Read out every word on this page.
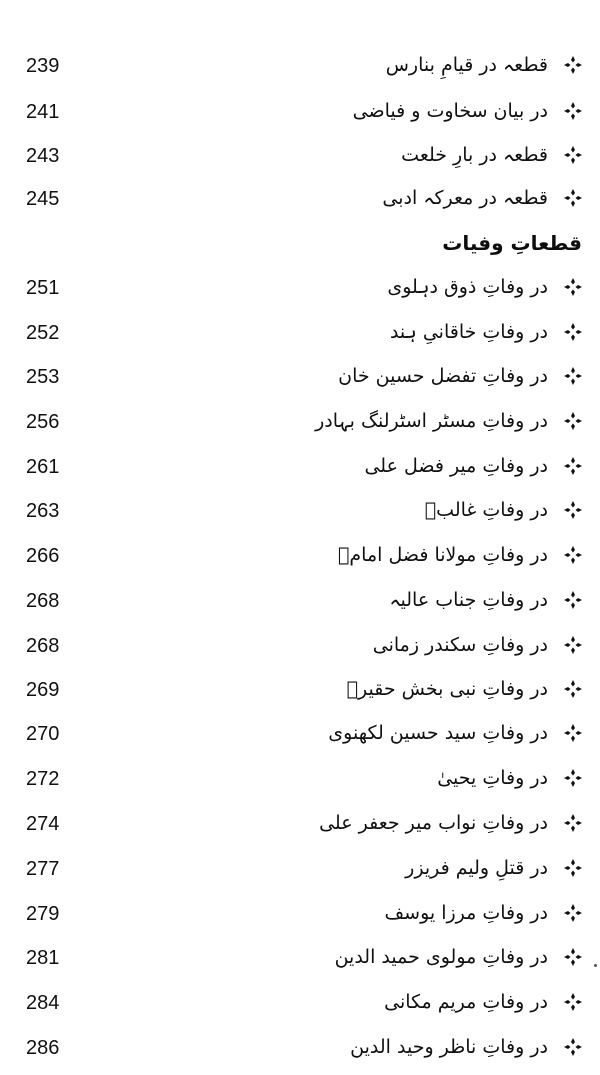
239	قطعہ در قیامِ بنارس
241	در بیان سخاوت و فیاضی
243	قطعہ در بارِ خلعت
245	قطعہ در معرکہ ادبی
قطعاتِ وفیات
251	در وفاتِ ذوق دہلوی
252	در وفاتِ خاقانیِ ہند
253	در وفاتِ تفضل حسین خان
256	در وفاتِ مسٹر اسٹرلنگ بہادر
261	در وفاتِ میر فضل علی
263	در وفاتِ غالبؔ
266	در وفاتِ مولانا فضل امامؒ
268	در وفاتِ جناب عالیہ
268	در وفاتِ سکندر زمانی
269	در وفاتِ نبی بخش حقیرؔ
270	در وفاتِ سید حسین لکھنوی
272	در وفاتِ یحییٰ
274	در وفاتِ نواب میر جعفر علی
277	در قتلِ ولیم فریزر
279	در وفاتِ مرزا یوسف
281	در وفاتِ مولوی حمید الدین
284	در وفاتِ مریم مکانی
286	در وفاتِ ناظر وحید الدین
